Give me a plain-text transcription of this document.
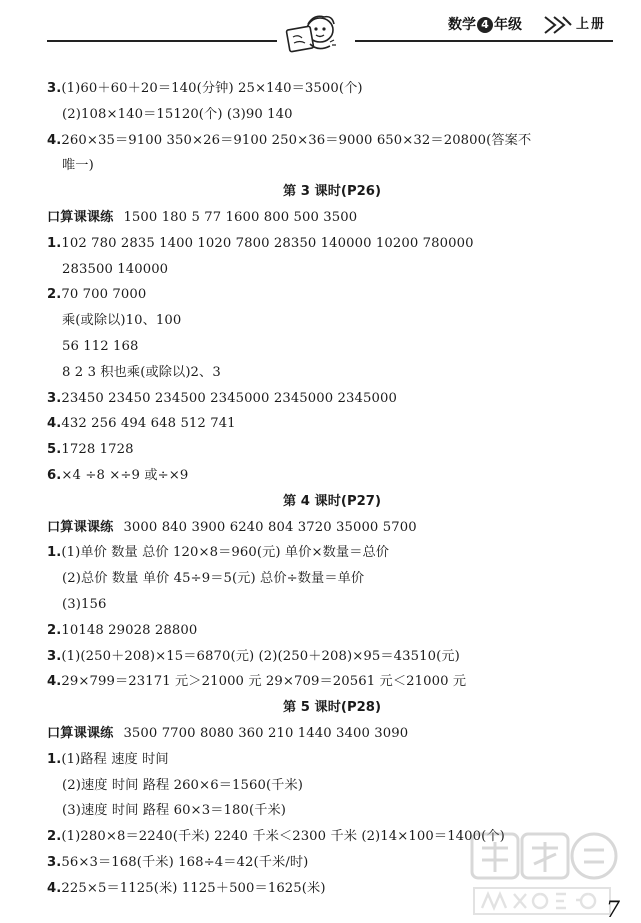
数学 4 年级	上册
3.(1)60＋60＋20＝140(分钟) 25×140＝3500(个)
(2)108×140＝15120(个) (3)90 140
4.260×35＝9100 350×26＝9100 250×36＝9000 650×32＝20800(答案不
唯一)
第 3 课时(P26)
口算课课练 1500 180 5 77 1600 800 500 3500
1.102 780 2835 1400 1020 7800 28350 140000 10200 780000
283500 140000
2.70 700 7000
乘(或除以)10、100
56 112 168
8 2 3 积也乘(或除以)2、3
3.23450 23450 234500 2345000 2345000 2345000
4.432 256 494 648 512 741
5.1728 1728
6.×4 ÷8 ×÷9 或÷×9
第 4 课时(P27)
口算课课练 3000 840 3900 6240 804 3720 35000 5700
1.(1)单价 数量 总价 120×8＝960(元) 单价×数量＝总价
(2)总价 数量 单价 45÷9＝5(元) 总价÷数量＝单价
(3)156
2.10148 29028 28800
3.(1)(250＋208)×15＝6870(元) (2)(250＋208)×95＝43510(元)
4.29×799＝23171 元＞21000 元 29×709＝20561 元＜21000 元
第 5 课时(P28)
口算课课练 3500 7700 8080 360 210 1440 3400 3090
1.(1)路程 速度 时间
(2)速度 时间 路程 260×6＝1560(千米)
(3)速度 时间 路程 60×3＝180(千米)
2.(1)280×8＝2240(千米) 2240 千米＜2300 千米 (2)14×100＝1400(个)
3.56×3＝168(千米) 168÷4＝42(千米/时)
4.225×5＝1125(米) 1125＋500＝1625(米)
7
